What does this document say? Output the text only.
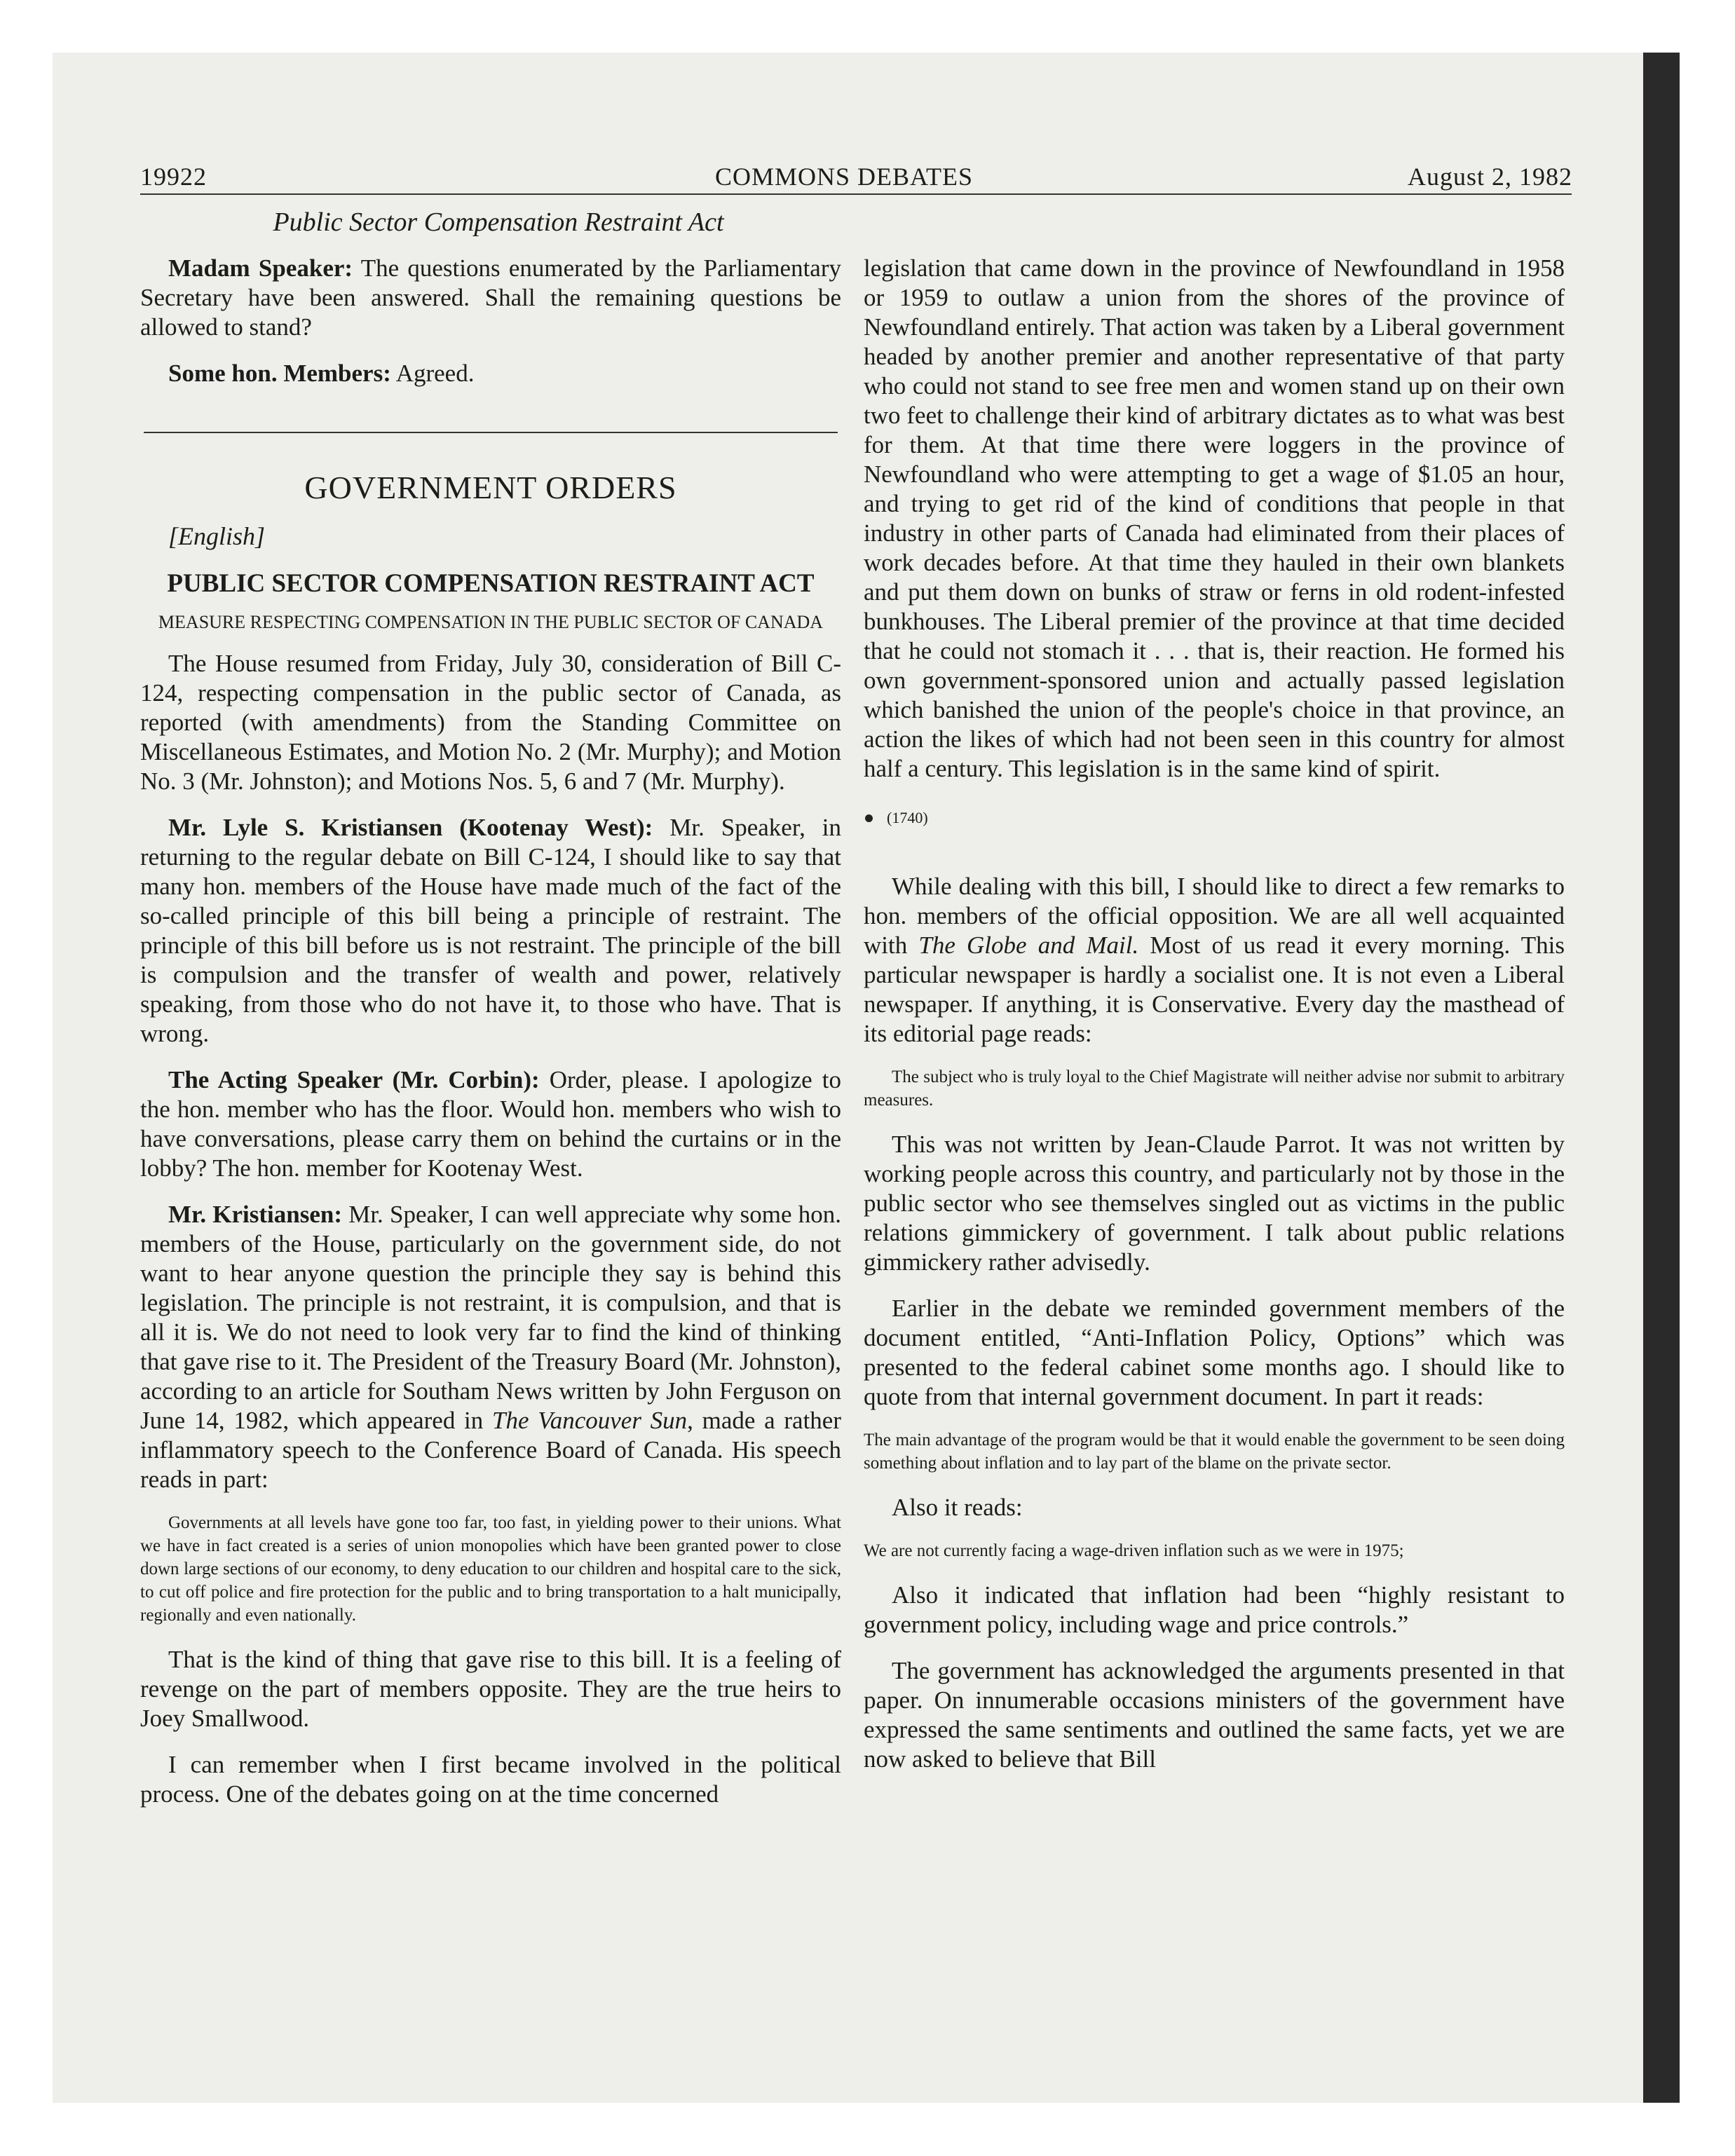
19922	COMMONS DEBATES	August 2, 1982
Public Sector Compensation Restraint Act

Madam Speaker: The questions enumerated by the Parliamentary Secretary have been answered. Shall the remaining questions be allowed to stand?

Some hon. Members: Agreed.

GOVERNMENT ORDERS

[English]

PUBLIC SECTOR COMPENSATION RESTRAINT ACT
MEASURE RESPECTING COMPENSATION IN THE PUBLIC SECTOR OF CANADA

The House resumed from Friday, July 30, consideration of Bill C-124, respecting compensation in the public sector of Canada, as reported (with amendments) from the Standing Committee on Miscellaneous Estimates, and Motion No. 2 (Mr. Murphy); and Motion No. 3 (Mr. Johnston); and Motions Nos. 5, 6 and 7 (Mr. Murphy).

Mr. Lyle S. Kristiansen (Kootenay West): Mr. Speaker, in returning to the regular debate on Bill C-124, I should like to say that many hon. members of the House have made much of the fact of the so-called principle of this bill being a principle of restraint. The principle of this bill before us is not restraint. The principle of the bill is compulsion and the transfer of wealth and power, relatively speaking, from those who do not have it, to those who have. That is wrong.

The Acting Speaker (Mr. Corbin): Order, please. I apologize to the hon. member who has the floor. Would hon. members who wish to have conversations, please carry them on behind the curtains or in the lobby? The hon. member for Kootenay West.

Mr. Kristiansen: Mr. Speaker, I can well appreciate why some hon. members of the House, particularly on the government side, do not want to hear anyone question the principle they say is behind this legislation. The principle is not restraint, it is compulsion, and that is all it is. We do not need to look very far to find the kind of thinking that gave rise to it. The President of the Treasury Board (Mr. Johnston), according to an article for Southam News written by John Ferguson on June 14, 1982, which appeared in The Vancouver Sun, made a rather inflammatory speech to the Conference Board of Canada. His speech reads in part:

Governments at all levels have gone too far, too fast, in yielding power to their unions. What we have in fact created is a series of union monopolies which have been granted power to close down large sections of our economy, to deny education to our children and hospital care to the sick, to cut off police and fire protection for the public and to bring transportation to a halt municipally, regionally and even nationally.

That is the kind of thing that gave rise to this bill. It is a feeling of revenge on the part of members opposite. They are the true heirs to Joey Smallwood.

I can remember when I first became involved in the political process. One of the debates going on at the time concerned

legislation that came down in the province of Newfoundland in 1958 or 1959 to outlaw a union from the shores of the province of Newfoundland entirely. That action was taken by a Liberal government headed by another premier and another representative of that party who could not stand to see free men and women stand up on their own two feet to challenge their kind of arbitrary dictates as to what was best for them. At that time there were loggers in the province of Newfoundland who were attempting to get a wage of $1.05 an hour, and trying to get rid of the kind of conditions that people in that industry in other parts of Canada had eliminated from their places of work decades before. At that time they hauled in their own blankets and put them down on bunks of straw or ferns in old rodent-infested bunkhouses. The Liberal premier of the province at that time decided that he could not stomach it . . . that is, their reaction. He formed his own government-sponsored union and actually passed legislation which banished the union of the people's choice in that province, an action the likes of which had not been seen in this country for almost half a century. This legislation is in the same kind of spirit.

(1740)

While dealing with this bill, I should like to direct a few remarks to hon. members of the official opposition. We are all well acquainted with The Globe and Mail. Most of us read it every morning. This particular newspaper is hardly a socialist one. It is not even a Liberal newspaper. If anything, it is Conservative. Every day the masthead of its editorial page reads:

The subject who is truly loyal to the Chief Magistrate will neither advise nor submit to arbitrary measures.

This was not written by Jean-Claude Parrot. It was not written by working people across this country, and particularly not by those in the public sector who see themselves singled out as victims in the public relations gimmickery of government. I talk about public relations gimmickery rather advisedly.

Earlier in the debate we reminded government members of the document entitled, “Anti-Inflation Policy, Options” which was presented to the federal cabinet some months ago. I should like to quote from that internal government document. In part it reads:

The main advantage of the program would be that it would enable the government to be seen doing something about inflation and to lay part of the blame on the private sector.

Also it reads:

We are not currently facing a wage-driven inflation such as we were in 1975;

Also it indicated that inflation had been “highly resistant to government policy, including wage and price controls.”

The government has acknowledged the arguments presented in that paper. On innumerable occasions ministers of the government have expressed the same sentiments and outlined the same facts, yet we are now asked to believe that Bill
